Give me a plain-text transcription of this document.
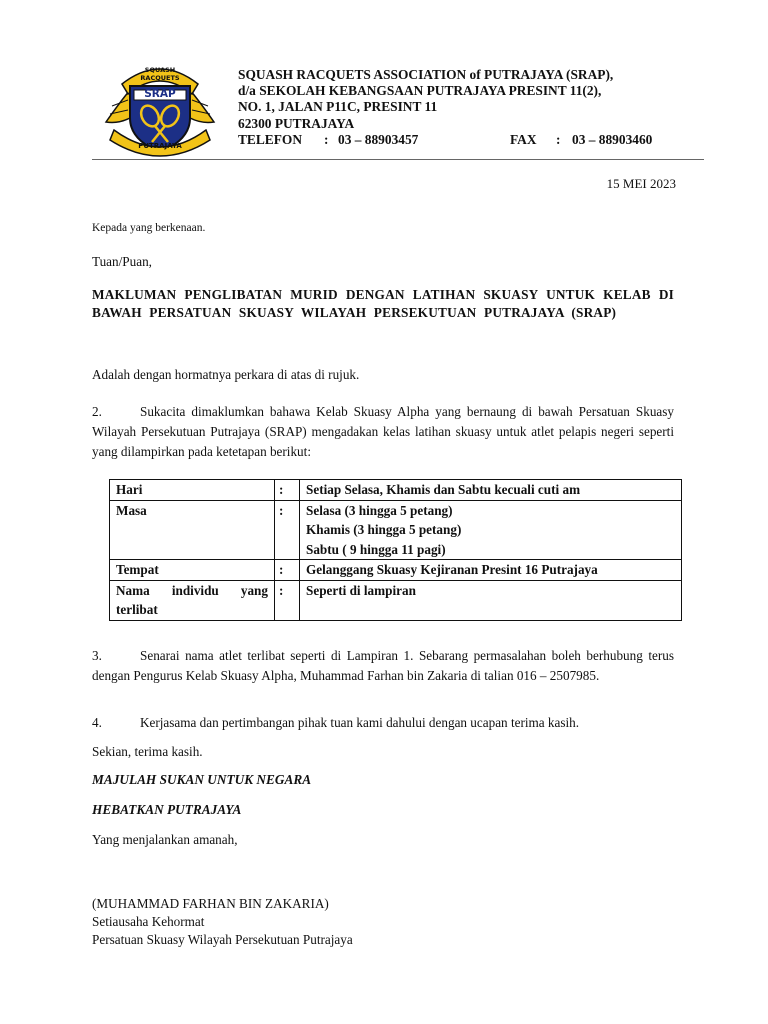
SQUASH RACQUETS
SRAP
PUTRAJAYA
SQUASH RACQUETS ASSOCIATION of PUTRAJAYA (SRAP),
d/a SEKOLAH KEBANGSAAN PUTRAJAYA PRESINT 11(2),
NO. 1, JALAN P11C, PRESINT 11
62300 PUTRAJAYA
TELEFON	: 03 – 88903457	FAX	: 03 – 88903460
15 MEI 2023
Kepada yang berkenaan.
Tuan/Puan,
MAKLUMAN PENGLIBATAN MURID DENGAN LATIHAN SKUASY UNTUK KELAB DI BAWAH PERSATUAN SKUASY WILAYAH PERSEKUTUAN PUTRAJAYA (SRAP)
Adalah dengan hormatnya perkara di atas di rujuk.
2.	Sukacita dimaklumkan bahawa Kelab Skuasy Alpha yang bernaung di bawah Persatuan Skuasy Wilayah Persekutuan Putrajaya (SRAP) mengadakan kelas latihan skuasy untuk atlet pelapis negeri seperti yang dilampirkan pada ketetapan berikut:
Hari	:	Setiap Selasa, Khamis dan Sabtu kecuali cuti am
Masa	:	Selasa (3 hingga 5 petang)
Khamis (3 hingga 5 petang)
Sabtu ( 9 hingga 11 pagi)

Tempat	:	Gelanggang Skuasy Kejiranan Presint 16 Putrajaya
Nama individu yang terlibat	:	Seperti di lampiran
3.	Senarai nama atlet terlibat seperti di Lampiran 1. Sebarang permasalahan boleh berhubung terus dengan Pengurus Kelab Skuasy Alpha, Muhammad Farhan bin Zakaria di talian 016 – 2507985.
4.	Kerjasama dan pertimbangan pihak tuan kami dahului dengan ucapan terima kasih.
Sekian, terima kasih.
MAJULAH SUKAN UNTUK NEGARA
HEBATKAN PUTRAJAYA
Yang menjalankan amanah,
(MUHAMMAD FARHAN BIN ZAKARIA)
Setiausaha Kehormat
Persatuan Skuasy Wilayah Persekutuan Putrajaya
